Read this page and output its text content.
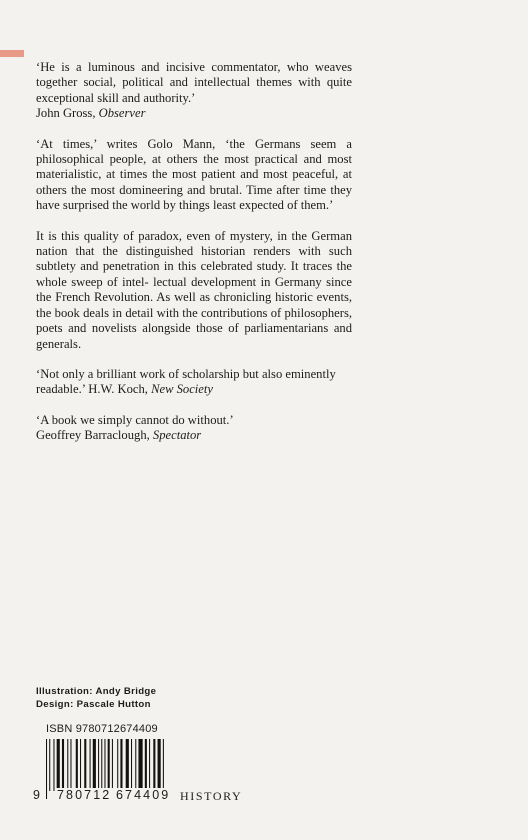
‘He is a luminous and incisive commentator, who weaves together social, political and intellectual themes with quite exceptional skill and authority.’
John Gross, Observer

‘At times,’ writes Golo Mann, ‘the Germans seem a philosophical people, at others the most practical and most materialistic, at times the most patient and most peaceful, at others the most domineering and brutal. Time after time they have surprised the world by things least expected of them.’

It is this quality of paradox, even of mystery, in the German nation that the distinguished historian renders with such subtlety and penetration in this celebrated study. It traces the whole sweep of intel- lectual development in Germany since the French Revolution. As well as chronicling historic events, the book deals in detail with the contributions of philosophers, poets and novelists alongside those of parliamentarians and generals.

‘Not only a brilliant work of scholarship but also eminently readable.’ H.W. Koch, New Society

‘A book we simply cannot do without.’
Geoffrey Barraclough, Spectator

Illustration: Andy Bridge
Design: Pascale Hutton
ISBN 9780712674409
9 780712 674409 HISTORY
